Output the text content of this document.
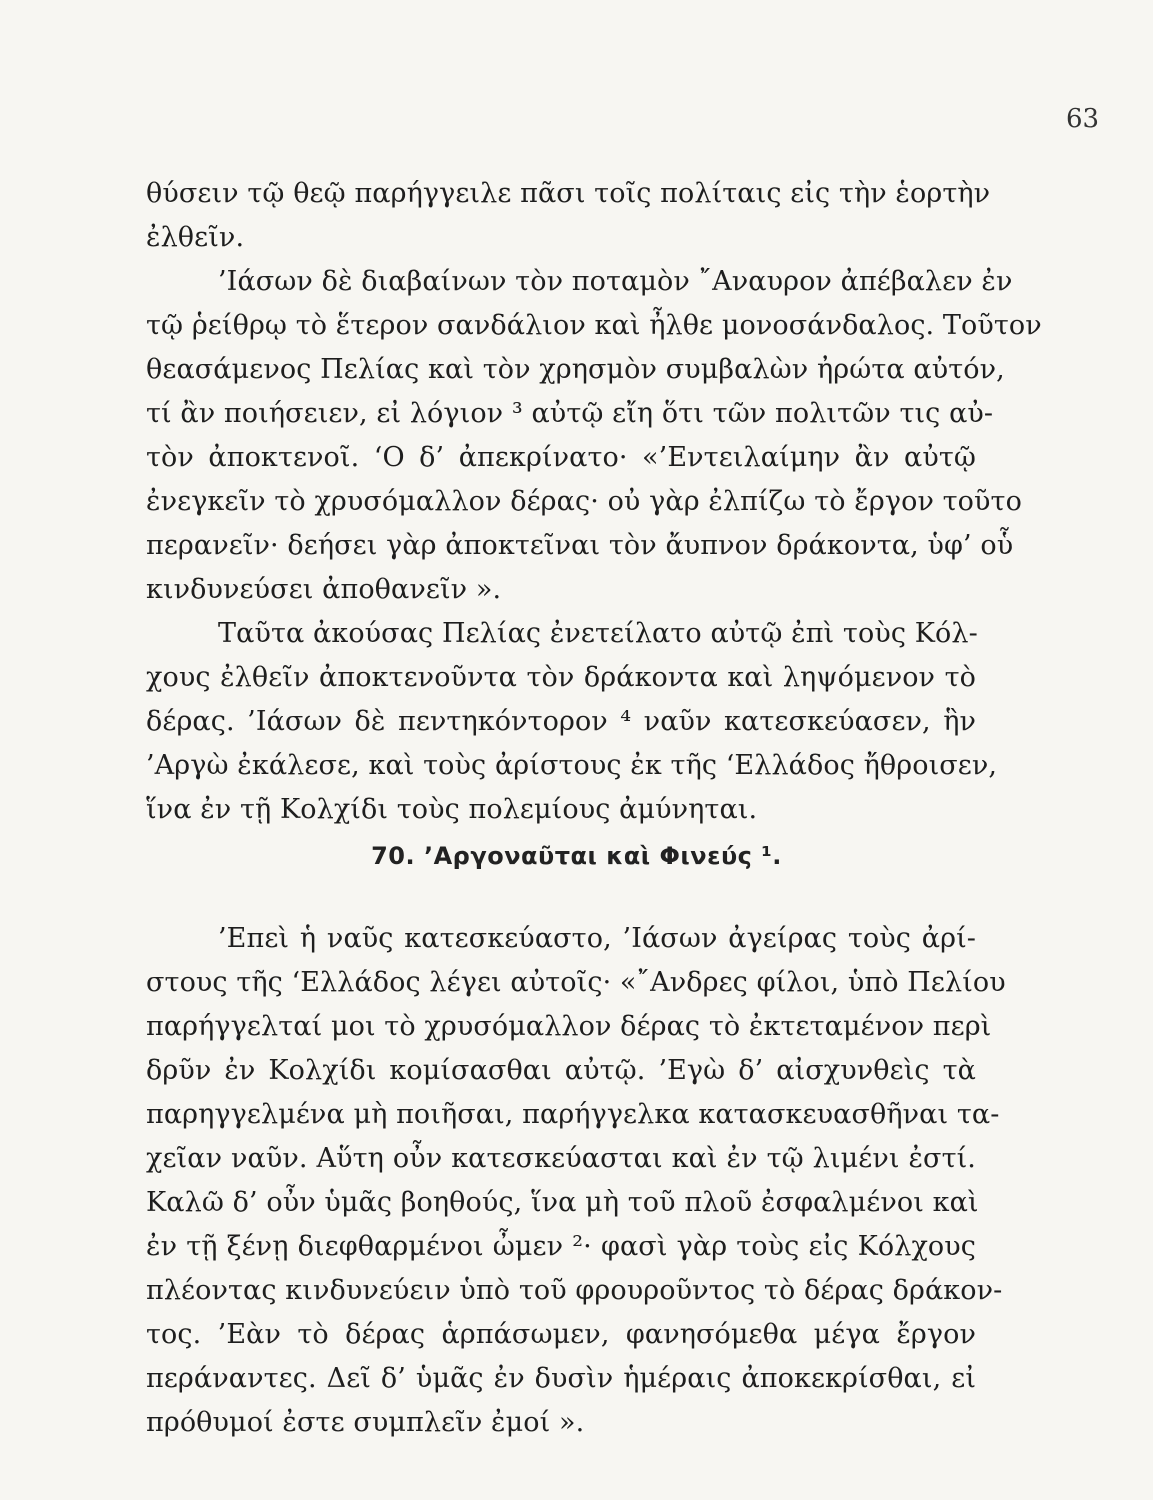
63
θύσειν τῷ θεῷ παρήγγειλε πᾶσι τοῖς πολίταις εἰς τὴν ἑορτὴν
ἐλθεῖν.
’Ιάσων δὲ διαβαίνων τὸν ποταμὸν ῎Αναυρον ἀπέβαλεν ἐν
τῷ ῥείθρῳ τὸ ἕτερον σανδάλιον καὶ ἦλθε μονοσάνδαλος. Τοῦτον
θεασάμενος Πελίας καὶ τὸν χρησμὸν συμβαλὼν ἠρώτα αὐτόν,
τί ἂν ποιήσειεν, εἰ λόγιον ³ αὐτῷ εἴη ὅτι τῶν πολιτῶν τις αὐ-
τὸν ἀποκτενοῖ. ‘Ο δ’ ἀπεκρίνατο· «’Εντειλαίμην ἂν αὐτῷ
ἐνεγκεῖν τὸ χρυσόμαλλον δέρας· οὐ γὰρ ἐλπίζω τὸ ἔργον τοῦτο
περανεῖν· δεήσει γὰρ ἀποκτεῖναι τὸν ἄυπνον δράκοντα, ὑφ’ οὗ
κινδυνεύσει ἀποθανεῖν ».
Ταῦτα ἀκούσας Πελίας ἐνετείλατο αὐτῷ ἐπὶ τοὺς Κόλ-
χους ἐλθεῖν ἀποκτενοῦντα τὸν δράκοντα καὶ ληψόμενον τὸ
δέρας. ’Ιάσων δὲ πεντηκόντορον ⁴ ναῦν κατεσκεύασεν, ἣν
’Αργὼ ἐκάλεσε, καὶ τοὺς ἀρίστους ἐκ τῆς ‘Ελλάδος ἤθροισεν,
ἵνα ἐν τῇ Κολχίδι τοὺς πολεμίους ἀμύνηται.
70. ’Αργοναῦται καὶ Φινεύς ¹.
’Επεὶ ἡ ναῦς κατεσκεύαστο, ’Ιάσων ἀγείρας τοὺς ἀρί-
στους τῆς ‘Ελλάδος λέγει αὐτοῖς· «῎Ανδρες φίλοι, ὑπὸ Πελίου
παρήγγελταί μοι τὸ χρυσόμαλλον δέρας τὸ ἐκτεταμένον περὶ
δρῦν ἐν Κολχίδι κομίσασθαι αὐτῷ. ’Εγὼ δ’ αἰσχυνθεὶς τὰ
παρηγγελμένα μὴ ποιῆσαι, παρήγγελκα κατασκευασθῆναι τα-
χεῖαν ναῦν. Αὕτη οὖν κατεσκεύασται καὶ ἐν τῷ λιμένι ἐστί.
Καλῶ δ’ οὖν ὑμᾶς βοηθούς, ἵνα μὴ τοῦ πλοῦ ἐσφαλμένοι καὶ
ἐν τῇ ξένῃ διεφθαρμένοι ὦμεν ²· φασὶ γὰρ τοὺς εἰς Κόλχους
πλέοντας κινδυνεύειν ὑπὸ τοῦ φρουροῦντος τὸ δέρας δράκον-
τος. ’Εὰν τὸ δέρας ἁρπάσωμεν, φανησόμεθα μέγα ἔργον
περάναντες. Δεῖ δ’ ὑμᾶς ἐν δυσὶν ἡμέραις ἀποκεκρίσθαι, εἰ
πρόθυμοί ἐστε συμπλεῖν ἐμοί ».
